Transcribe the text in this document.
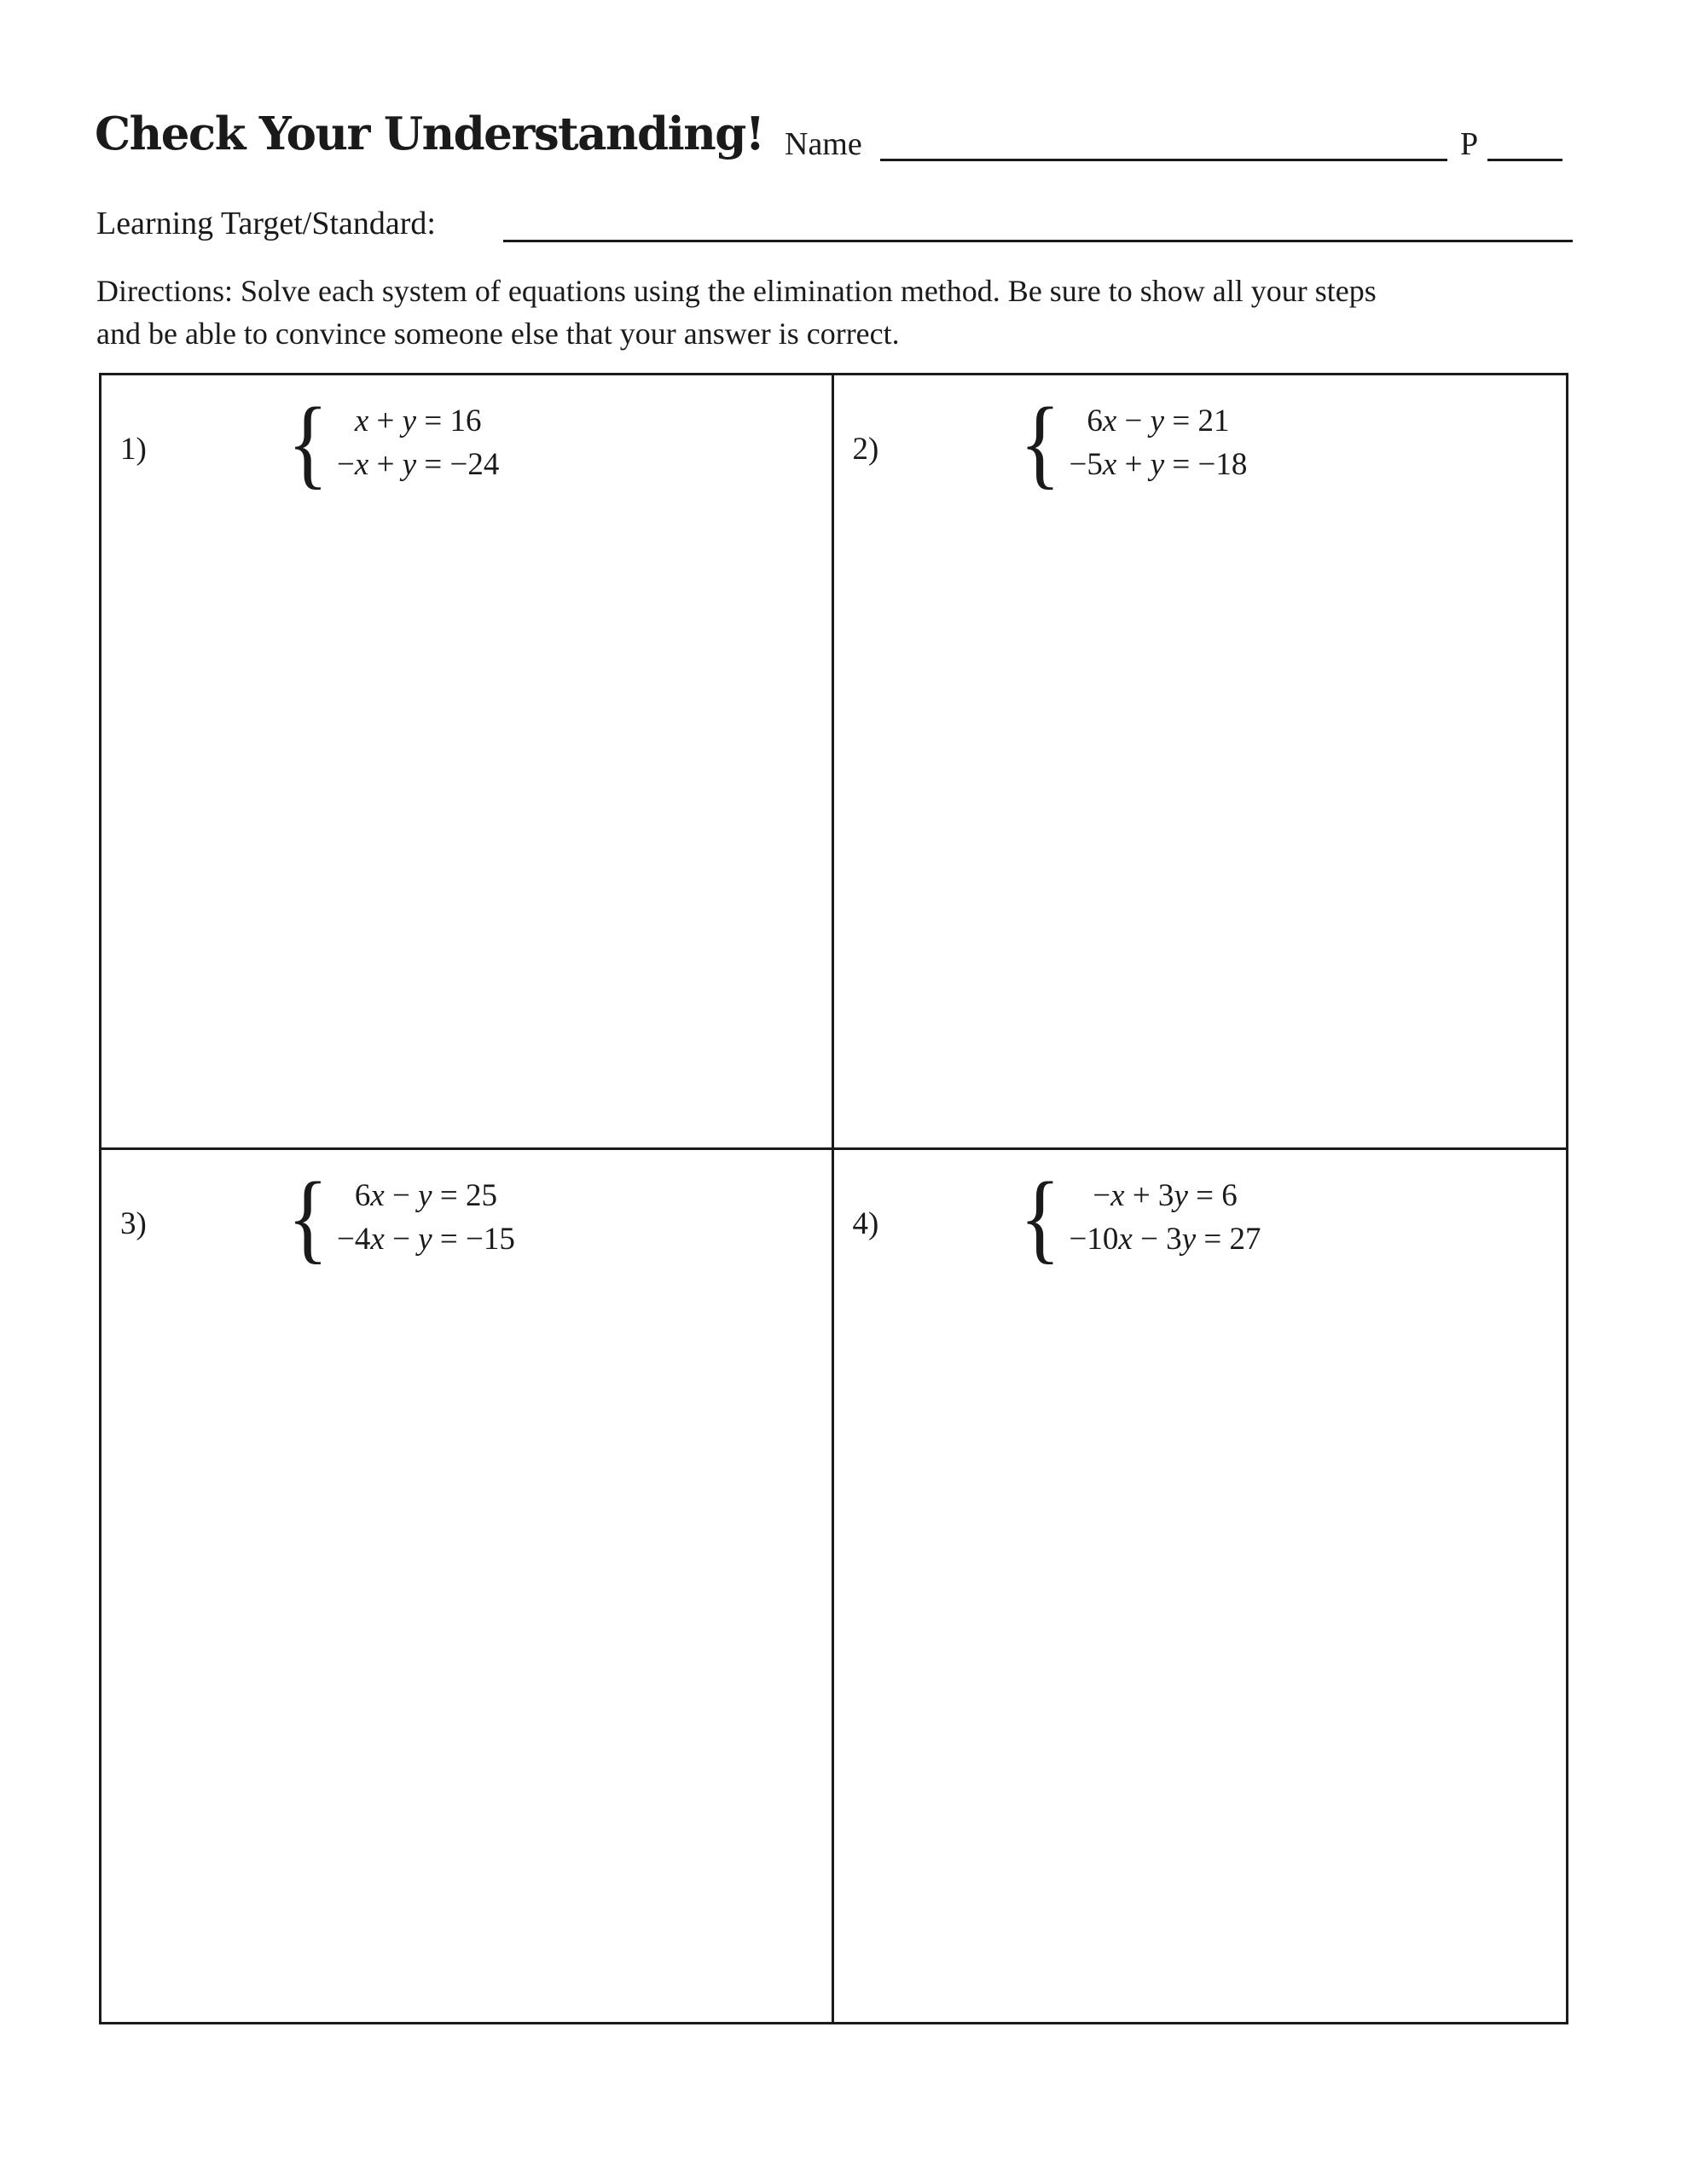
Check Your Understanding! Name	P
Learning Target/Standard:
Directions: Solve each system of equations using the elimination method. Be sure to show all your steps
and be able to convince someone else that your answer is correct.
1) { x + y = 16
−x + y = −24	2) { 6x − y = 21
−5x + y = −18
3) { 6x − y = 25
−4x − y = −15	4) {	−x + 3y = 6
−10x − 3y = 27
